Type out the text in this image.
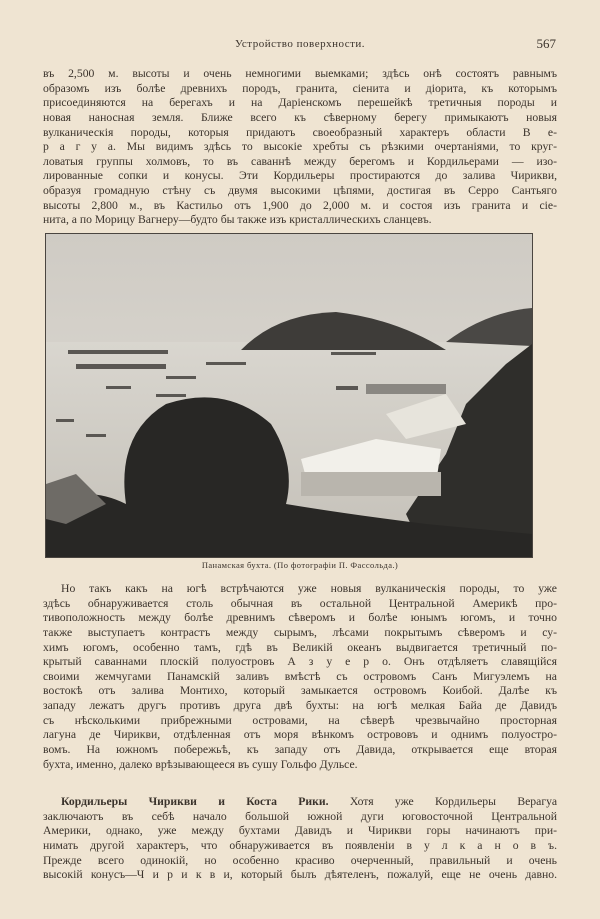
Устройство поверхности.	567
въ 2,500 м. высоты и очень немногими выемками; здѣсь онѣ состоятъ равнымъ
образомъ изъ болѣе древнихъ породъ, гранита, сіенита и діорита, къ которымъ
присоединяются на берегахъ и на Даріенскомъ перешейкѣ третичныя породы и
новая наносная земля. Ближе всего къ сѣверному берегу примыкаютъ новыя
вулканическія породы, которыя придаютъ своеобразный характеръ области В е-
р а г у а. Мы видимъ здѣсь то высокіе хребты съ рѣзкими очертаніями, то круг-
ловатыя группы холмовъ, то въ саваннѣ между берегомъ и Кордильерами — изо-
лированные сопки и конусы. Эти Кордильеры простираются до залива Чирикви,
образуя громадную стѣну съ двумя высокими цѣпями, достигая въ Серро Сантьяго
высоты 2,800 м., въ Кастильо отъ 1,900 до 2,000 м. и состоя изъ гранита и сіе-
нита, а по Морицу Вагнеру—будто бы также изъ кристаллическихъ сланцевъ.
Панамская бухта. (По фотографіи П. Фассольда.)
Но такъ какъ на югѣ встрѣчаются уже новыя вулканическія породы, то уже
здѣсь обнаруживается столь обычная въ остальной Центральной Америкѣ про-
тивоположность между болѣе древнимъ сѣверомъ и болѣе юнымъ югомъ, и точно
также выступаетъ контрастъ между сырымъ, лѣсами покрытымъ сѣверомъ и су-
химъ югомъ, особенно тамъ, гдѣ въ Великій океанъ выдвигается третичный по-
крытый саваннами плоскій полуостровъ А з у е р о. Онъ отдѣляетъ славящійся
своими жемчугами Панамскій заливъ вмѣстѣ съ островомъ Санъ Мигуэлемъ на
востокѣ отъ залива Монтихо, который замыкается островомъ Коибой. Далѣе къ
западу лежатъ другъ противъ друга двѣ бухты: на югѣ мелкая Байа де Давидъ
съ нѣсколькими прибрежными островами, на сѣверѣ чрезвычайно просторная
лагуна де Чирикви, отдѣленная отъ моря вѣнкомъ острововъ и однимъ полуостро-
вомъ. На южномъ побережьѣ, къ западу отъ Давида, открывается еще вторая
бухта, именно, далеко врѣзывающееся въ сушу Гольфо Дульсе.
Кордильеры Чирикви и Коста Рики. Хотя уже Кордильеры Верагуа
заключаютъ въ себѣ начало большой южной дуги юговосточной Центральной
Америки, однако, уже между бухтами Давидъ и Чирикви горы начинаютъ при-
нимать другой характеръ, что обнаруживается въ появленіи в у л к а н о в ъ.
Прежде всего одинокій, но особенно красиво очерченный, правильный и очень
высокій конусъ—Ч и р и к в и, который былъ дѣятеленъ, пожалуй, еще не очень давно.
